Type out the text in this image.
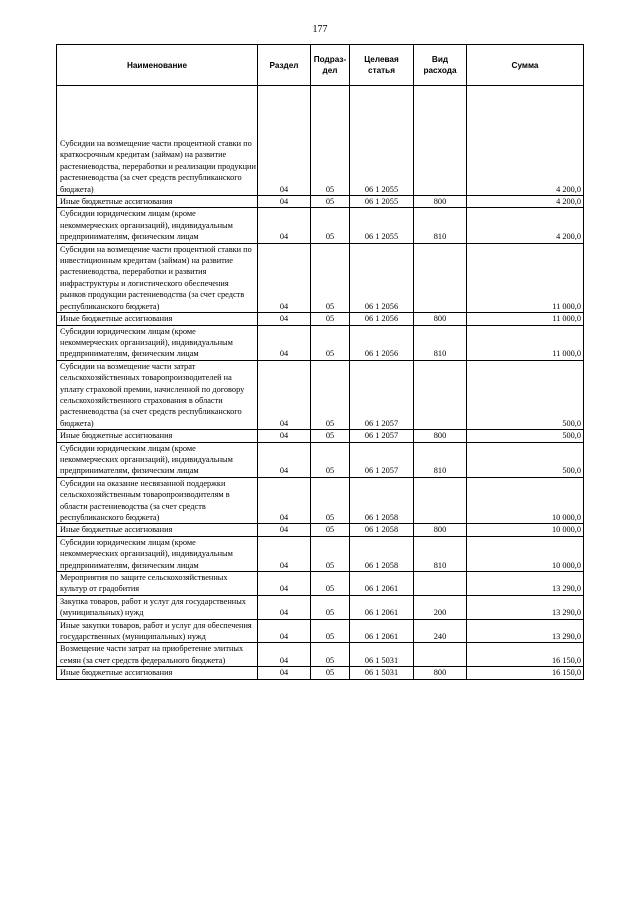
177
Наименование	Раздел	Подраз-дел	Целевая статья	Вид расхода	Сумма

Субсидии на возмещение части процентной ставки по краткосрочным кредитам (займам) на развитие растениеводства, переработки и реализации продукции растениеводства (за счет средств республиканского бюджета)	04	05	06 1 2055		4 200,0
Иные бюджетные ассигнования	04	05	06 1 2055	800	4 200,0
Субсидии юридическим лицам (кроме некоммерческих организаций), индивидуальным предпринимателям, физическим лицам	04	05	06 1 2055	810	4 200,0
Субсидии на возмещение части процентной ставки по инвестиционным кредитам (займам) на развитие растениеводства, переработки и развития инфраструктуры и логистического обеспечения рынков продукции растениеводства (за счет средств республиканского бюджета)	04	05	06 1 2056		11 000,0
Иные бюджетные ассигнования	04	05	06 1 2056	800	11 000,0
Субсидии юридическим лицам (кроме некоммерческих организаций), индивидуальным предпринимателям, физическим лицам	04	05	06 1 2056	810	11 000,0
Субсидии на возмещение части затрат сельскохозяйственных товаропроизводителей на уплату страховой премии, начисленной по договору сельскохозяйственного страхования в области растениеводства (за счет средств республиканского бюджета)	04	05	06 1 2057		500,0
Иные бюджетные ассигнования	04	05	06 1 2057	800	500,0
Субсидии юридическим лицам (кроме некоммерческих организаций), индивидуальным предпринимателям, физическим лицам	04	05	06 1 2057	810	500,0
Субсидии на оказание несвязанной поддержки сельскохозяйственным товаропроизводителям в области растениеводства (за счет средств республиканского бюджета)	04	05	06 1 2058		10 000,0
Иные бюджетные ассигнования	04	05	06 1 2058	800	10 000,0
Субсидии юридическим лицам (кроме некоммерческих организаций), индивидуальным предпринимателям, физическим лицам	04	05	06 1 2058	810	10 000,0
Мероприятия по защите сельскохозяйственных культур от градобития	04	05	06 1 2061		13 290,0
Закупка товаров, работ и услуг для государственных (муниципальных) нужд	04	05	06 1 2061	200	13 290,0
Иные закупки товаров, работ и услуг для обеспечения государственных (муниципальных) нужд	04	05	06 1 2061	240	13 290,0
Возмещение части затрат на приобретение элитных семян (за счет средств федерального бюджета)	04	05	06 1 5031		16 150,0
Иные бюджетные ассигнования	04	05	06 1 5031	800	16 150,0
